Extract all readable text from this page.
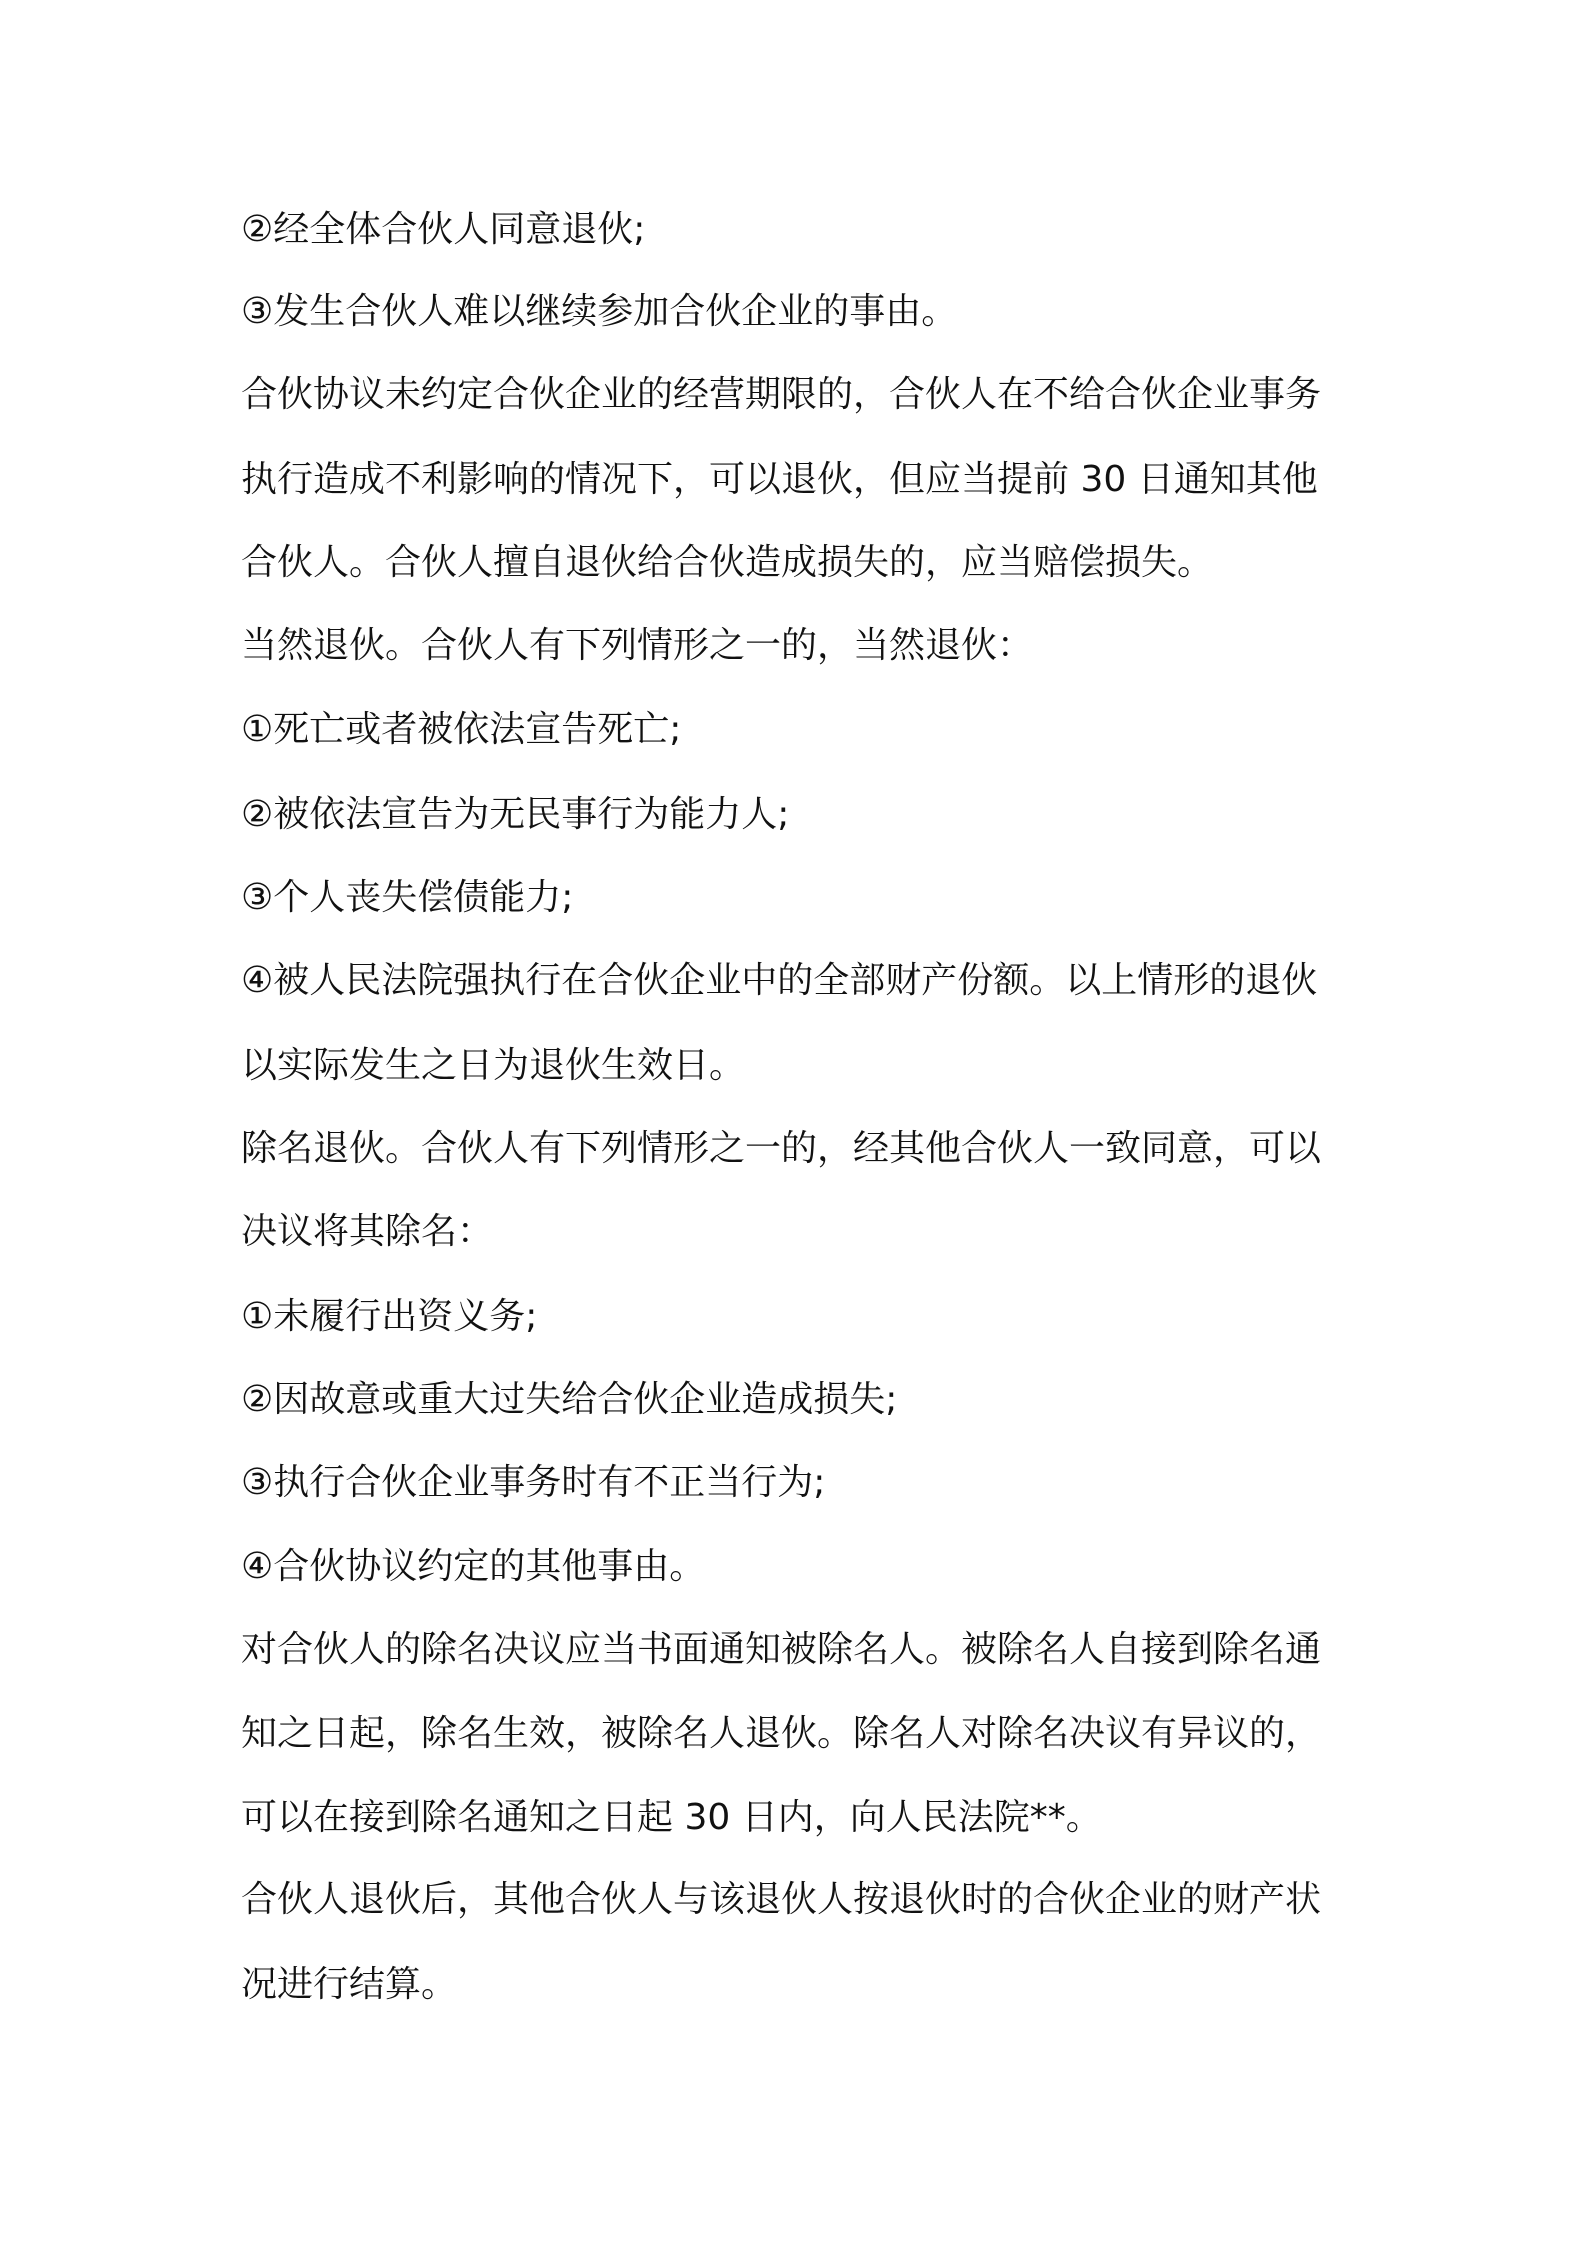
②经全体合伙人同意退伙;
③发生合伙人难以继续参加合伙企业的事由。
合伙协议未约定合伙企业的经营期限的，合伙人在不给合伙企业事务
执行造成不利影响的情况下，可以退伙，但应当提前 30 日通知其他
合伙人。合伙人擅自退伙给合伙造成损失的，应当赔偿损失。
当然退伙。合伙人有下列情形之一的，当然退伙：
①死亡或者被依法宣告死亡;
②被依法宣告为无民事行为能力人;
③个人丧失偿债能力;
④被人民法院强执行在合伙企业中的全部财产份额。以上情形的退伙
以实际发生之日为退伙生效日。
除名退伙。合伙人有下列情形之一的，经其他合伙人一致同意，可以
决议将其除名：
①未履行出资义务;
②因故意或重大过失给合伙企业造成损失;
③执行合伙企业事务时有不正当行为;
④合伙协议约定的其他事由。
对合伙人的除名决议应当书面通知被除名人。被除名人自接到除名通
知之日起，除名生效，被除名人退伙。除名人对除名决议有异议的，
可以在接到除名通知之日起 30 日内，向人民法院**。
合伙人退伙后，其他合伙人与该退伙人按退伙时的合伙企业的财产状
况进行结算。
